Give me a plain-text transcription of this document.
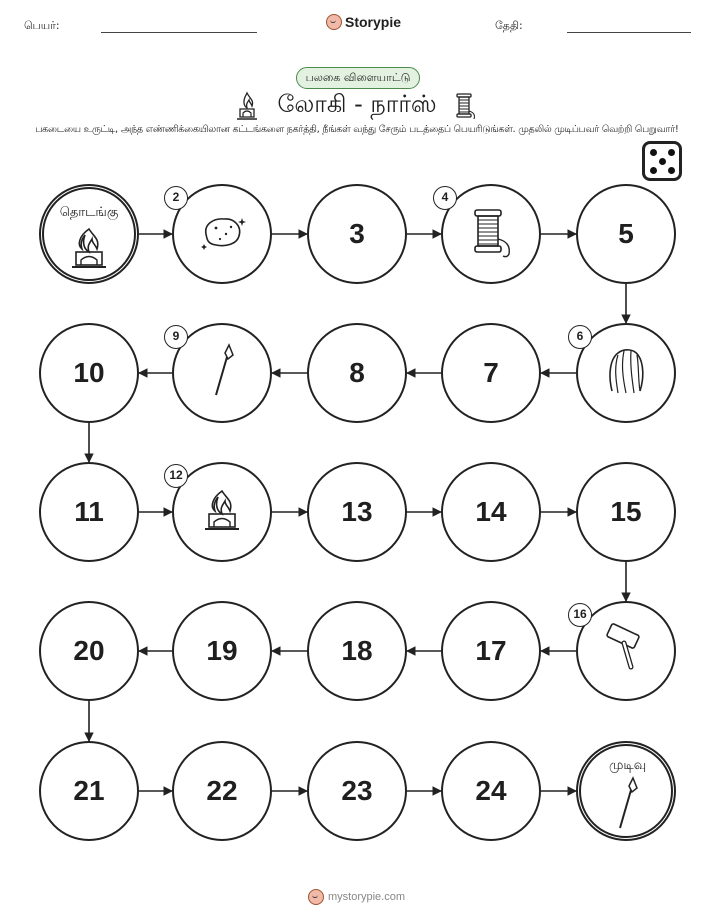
பெயர்:	Storypie	தேதி:
பலகை விளையாட்டு
லோகி - நார்ஸ்
பகடையை உருட்டி, அந்த எண்ணிக்கையிலான கட்டங்களை நகர்த்தி, நீங்கள் வந்து சேரும் படத்தைப் பெயரிடுங்கள். முதலில் முடிப்பவர் வெற்றி பெறுவார்!
முடிவு
24
23
22
21
20	19	18	17
15
14
13
11
10	8	7
5
3
தொடங்கு
2	4
6
9
12
16
mystorypie.com
